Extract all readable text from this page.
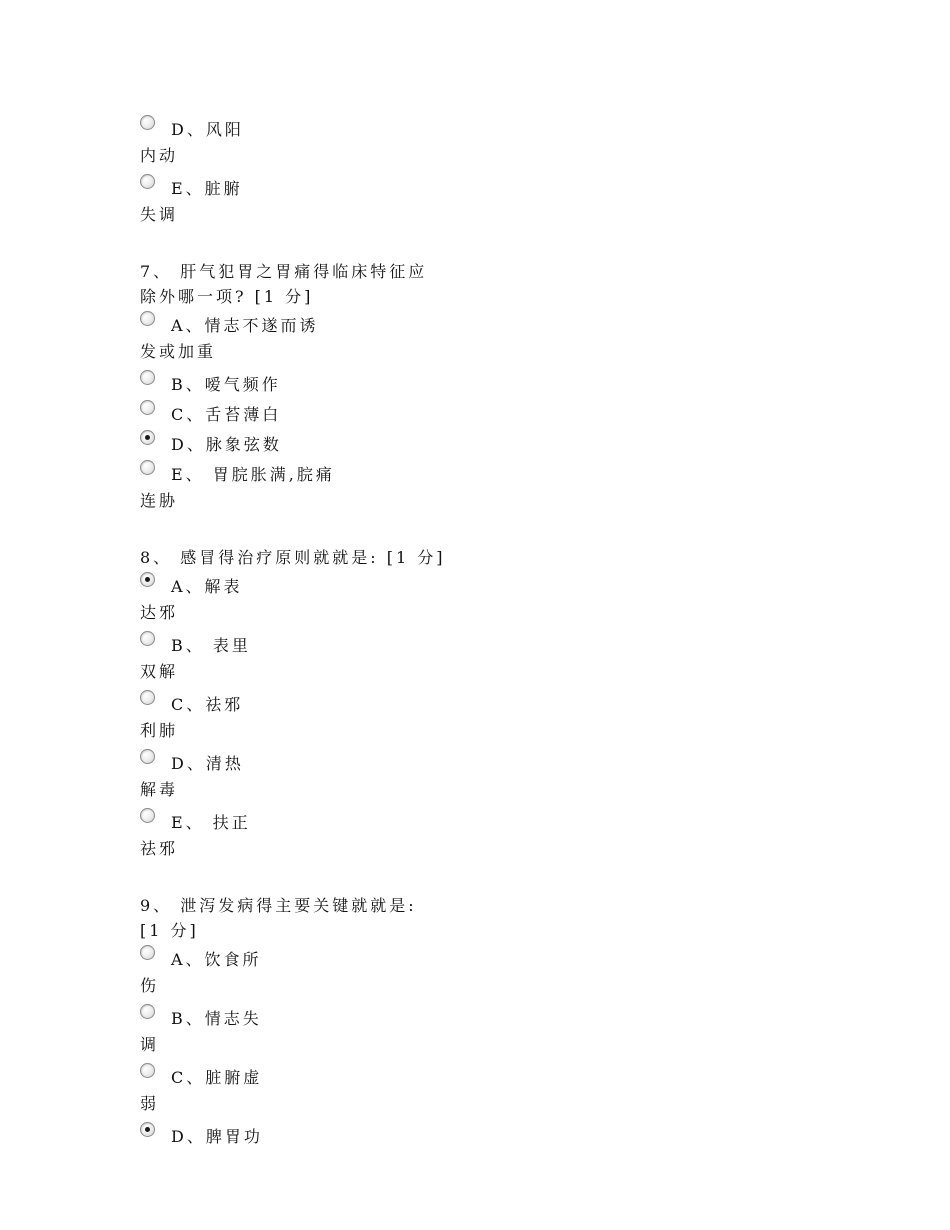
D、风阳
内动
E、脏腑
失调
7、 肝气犯胃之胃痛得临床特征应
除外哪一项? [1 分]
A、情志不遂而诱
发或加重
B、嗳气频作
C、舌苔薄白
D、脉象弦数
E、 胃脘胀满,脘痛
连胁
8、 感冒得治疗原则就就是: [1 分]
A、解表
达邪
B、 表里
双解
C、祛邪
利肺
D、清热
解毒
E、 扶正
祛邪
9、 泄泻发病得主要关键就就是:
[1 分]
A、饮食所
伤
B、情志失
调
C、脏腑虚
弱
D、脾胃功
